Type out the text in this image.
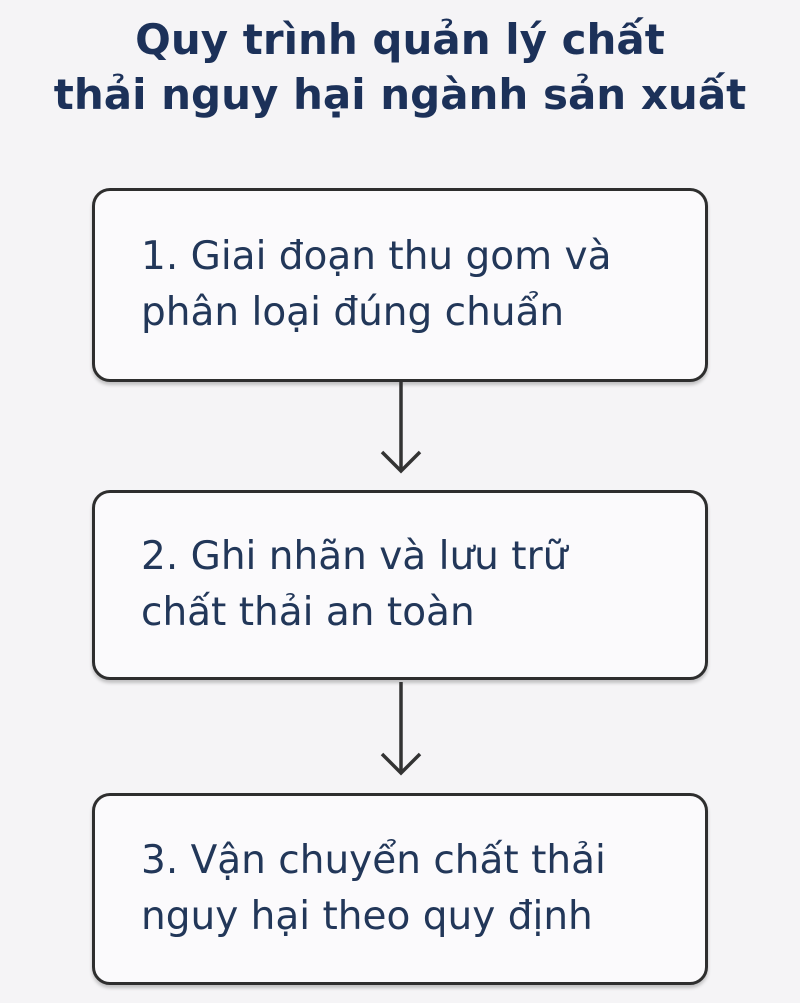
Quy trình quản lý chất
thải nguy hại ngành sản xuất
1. Giai đoạn thu gom và
phân loại đúng chuẩn
2. Ghi nhãn và lưu trữ
chất thải an toàn
3. Vận chuyển chất thải
nguy hại theo quy định
